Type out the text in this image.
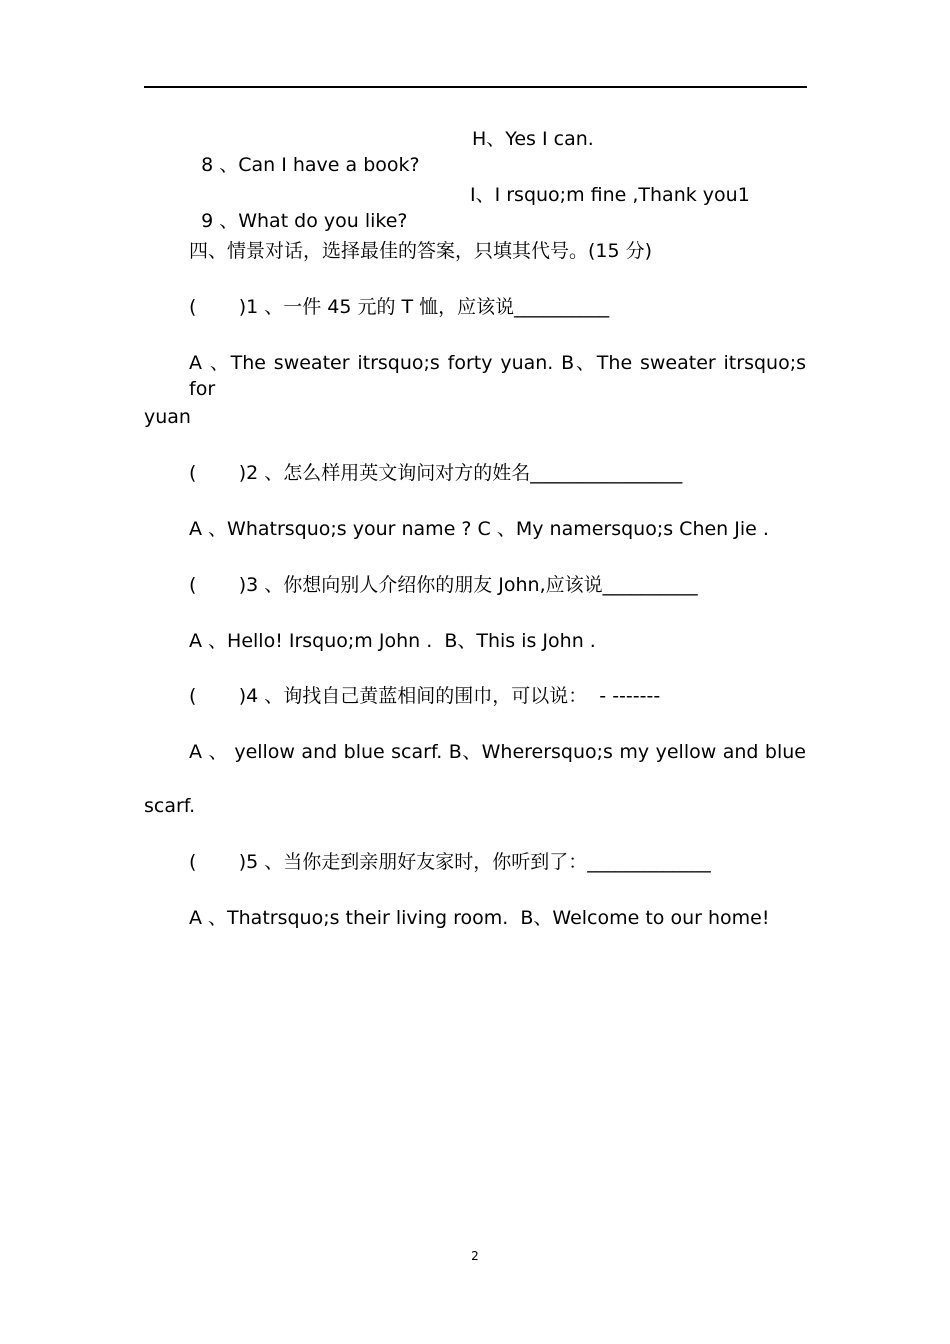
8 、Can I have a book?

H、Yes I can.

9 、What do you like?

I、I rsquo;m fine ,Thank you1

四、情景对话，选择最佳的答案，只填其代号。(15 分)
(       )1 、一件 45 元的 T 恤，应该说__________
A 、The sweater itrsquo;s forty yuan. B、The sweater itrsquo;s for
yuan
(       )2 、怎么样用英文询问对方的姓名________________
A 、Whatrsquo;s your name ? C 、My namersquo;s Chen Jie .
(       )3 、你想向别人介绍你的朋友 John,应该说__________
A 、Hello! Irsquo;m John .  B、This is John .
(       )4 、询找自己黄蓝相间的围巾，可以说：  - -------
A 、 yellow and blue scarf. B、Wherersquo;s my yellow and blue
scarf.
(       )5 、当你走到亲朋好友家时，你听到了：_____________
A 、Thatrsquo;s their living room.  B、Welcome to our home!
2
